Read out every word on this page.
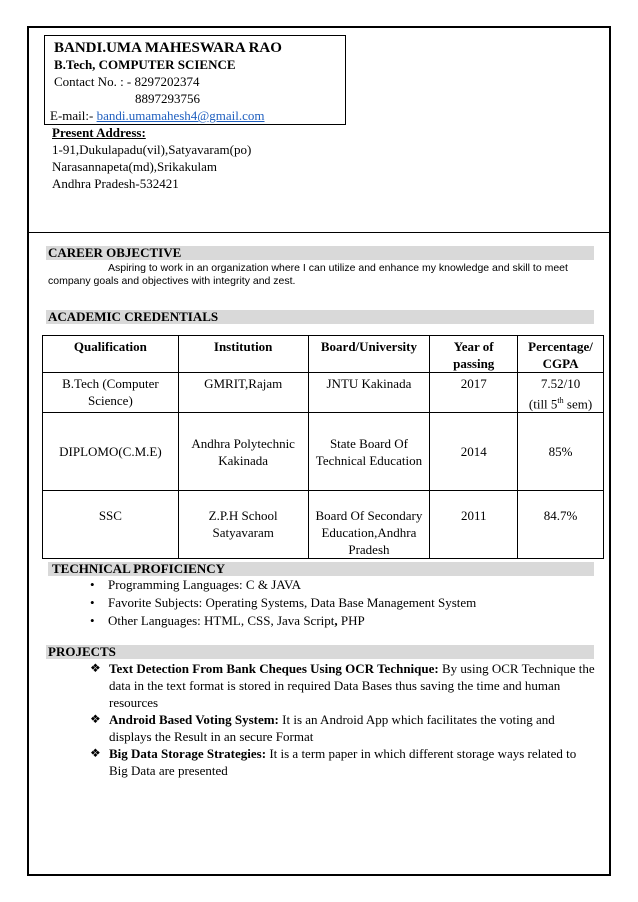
BANDI.UMA MAHESWARA RAO
B.Tech, COMPUTER SCIENCE
Contact No. : - 8297202374
8897293756
E-mail:- bandi.umamahesh4@gmail.com
Present Address:
1-91,Dukulapadu(vil),Satyavaram(po)
Narasannapeta(md),Srikakulam
Andhra Pradesh-532421
CAREER OBJECTIVE
Aspiring to work in an organization where I can utilize and enhance my knowledge and skill to meet company goals and objectives with integrity and zest.
ACADEMIC CREDENTIALS
Qualification	Institution	Board/University	Year of passing	Percentage/ CGPA
B.Tech (Computer Science)	GMRIT,Rajam	JNTU Kakinada	2017	7.52/10
(till 5th sem)

DIPLOMO(C.M.E)	Andhra Polytechnic Kakinada	State Board Of Technical Education	2014	85%
SSC	Z.P.H School Satyavaram	Board Of Secondary Education,Andhra Pradesh	2011	84.7%
TECHNICAL PROFICIENCY
• Programming Languages: C & JAVA
• Favorite Subjects: Operating Systems, Data Base Management System
• Other Languages: HTML, CSS, Java Script, PHP
PROJECTS
❖ Text Detection From Bank Cheques Using OCR Technique: By using OCR Technique the data in the text format is stored in required Data Bases thus saving the time and human resources
❖ Android Based Voting System: It is an Android App which facilitates the voting and displays the Result in an secure Format
❖ Big Data Storage Strategies: It is a term paper in which different storage ways related to Big Data are presented
